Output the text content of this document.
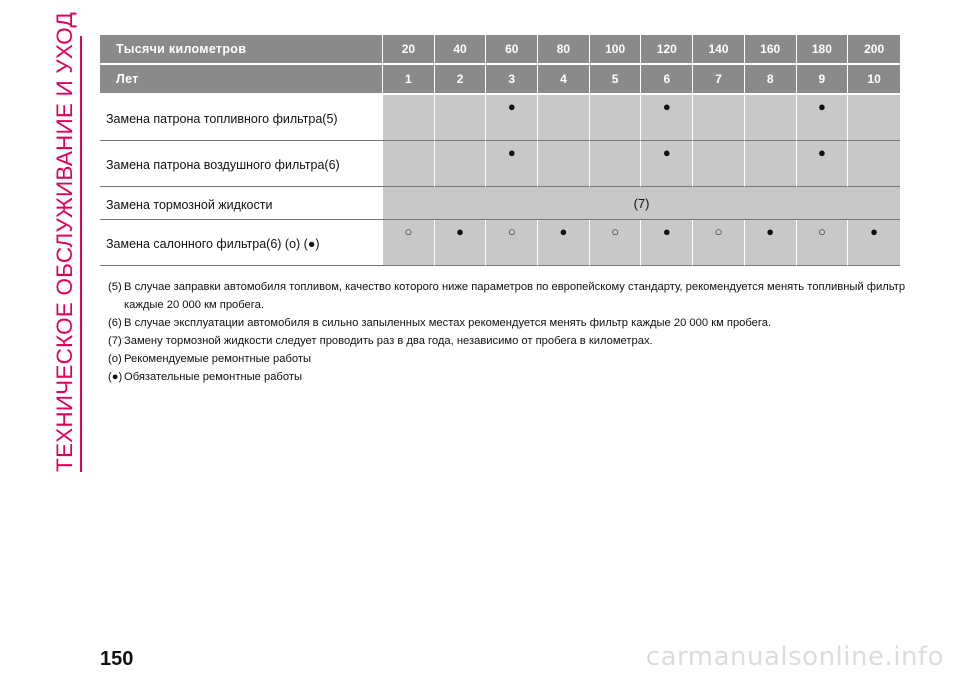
ТЕХНИЧЕСКОЕ ОБСЛУЖИВАНИЕ И УХОД	Тысячи километров	20	40	60	80	100	120	140	160	180	200
Лет	1	2	3	4	5	6	7	8	9	10
Замена патрона топливного фильтра(5)			●			●			●	
Замена патрона воздушного фильтра(6)			●			●			●	
Замена тормозной жидкости	(7)									
Замена салонного фильтра(6) (o) (●)	○	●	○	●	○	●	○	●	○	●
(5) В случае заправки автомобиля топливом, качество которого ниже параметров по европейскому стандарту, рекомендуется менять топливный фильтр каждые 20 000 км пробега.
(6) В случае эксплуатации автомобиля в сильно запыленных местах рекомендуется менять фильтр каждые 20 000 км пробега.
(7) Замену тормозной жидкости следует проводить раз в два года, независимо от пробега в километрах.
(o) Рекомендуемые ремонтные работы
(●) Обязательные ремонтные работы
150	carmanualsonline.info
